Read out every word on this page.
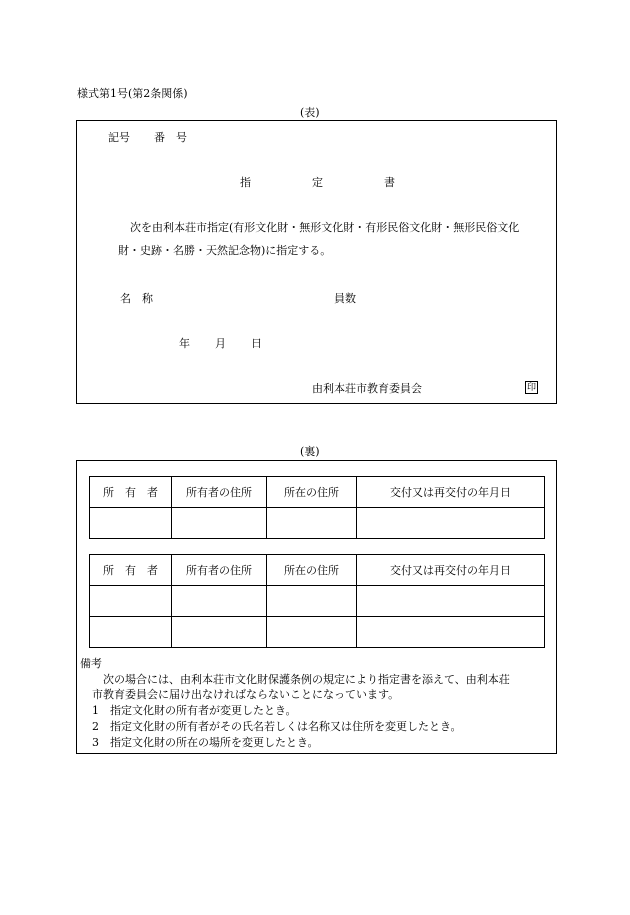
様式第1号(第2条関係)
(表)
記号 番　号
指	定	書
次を由利本荘市指定(有形文化財・無形文化財・有形民俗文化財・無形民俗文化
財・史跡・名勝・天然記念物)に指定する。
名　称	員数
年 月 日
由利本荘市教育委員会	印
(裏)
所　有　者	所有者の住所	所在の住所	交付又は再交付の年月日

所　有　者	所有者の住所	所在の住所	交付又は再交付の年月日

備考
次の場合には、由利本荘市文化財保護条例の規定により指定書を添えて、由利本荘
市教育委員会に届け出なければならないことになっています。
1　指定文化財の所有者が変更したとき。
2　指定文化財の所有者がその氏名若しくは名称又は住所を変更したとき。
3　指定文化財の所在の場所を変更したとき。
